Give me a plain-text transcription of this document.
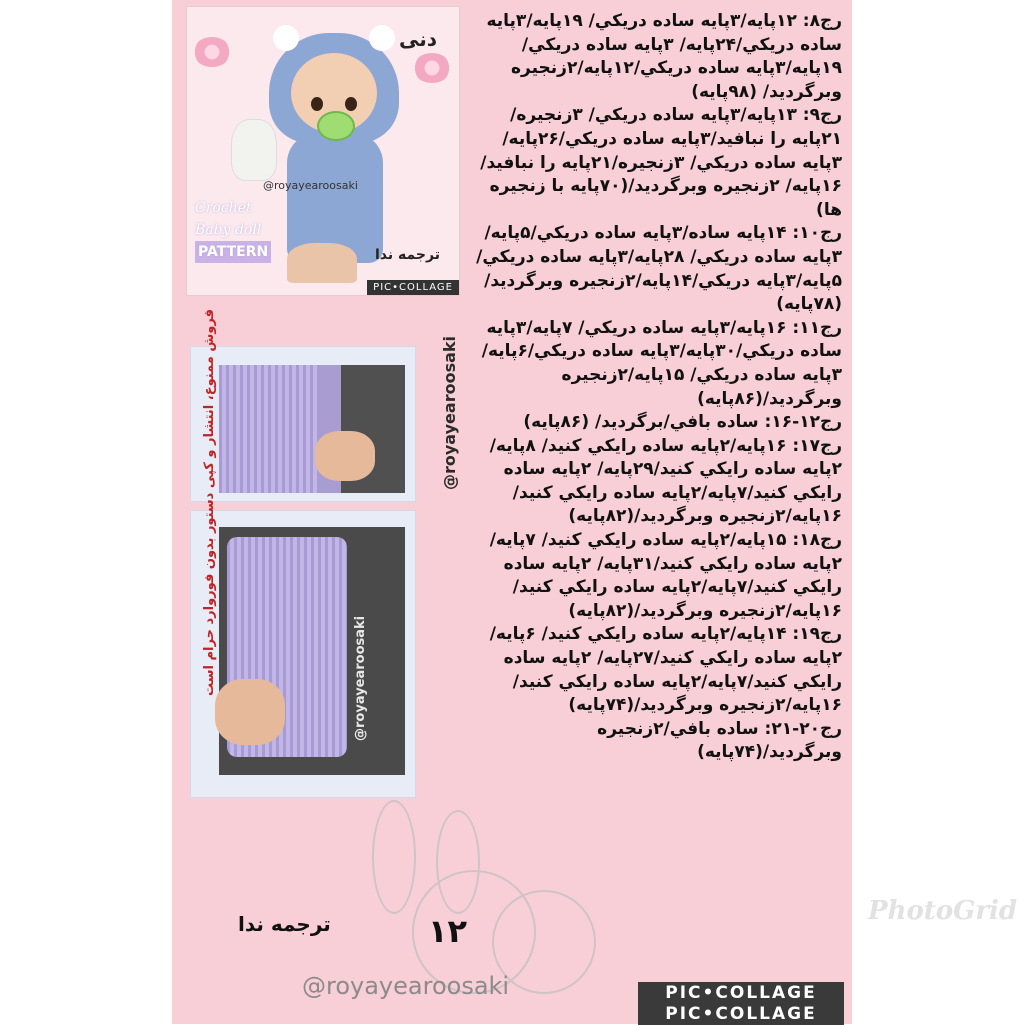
دنی
@royayearoosaki
Crochet
Baby doll
PATTERN	ترجمه ندا
PIC•COLLAGE
@royayearoosaki
@royayearoosaki
فروش ممنوع، انتشار و کپی دستور بدون فوروارد حرام است

رج۸: ۱۲پایه/۳پایه ساده دریکي/ ۱۹پایه/۳پایه ساده دریکي/۲۴پایه/ ۳پایه ساده دریکي/۱۹پایه/۳پایه ساده دریکي/۱۲پایه/۲زنجیره وبرگردید/ (۹۸پایه)

رج۹: ۱۳پایه/۳پایه ساده دریکي/ ۳زنجیره/۲۱پایه را نبافید/۳پایه ساده دریکي/۲۶پایه/۳پایه ساده دریکي/ ۳زنجیره/۲۱پایه را نبافید/۱۶پایه/ ۲زنجیره وبرگردید/(۷۰پایه با زنجیره ها)

رج۱۰: ۱۴پایه ساده/۳پایه ساده دریکي/۵پایه/۳پایه ساده دریکي/ ۲۸پایه/۳پایه ساده دریکي/۵پایه/۳پایه دریکي/۱۴پایه/۲زنجیره وبرگردید/ (۷۸پایه)

رج۱۱: ۱۶پایه/۳پایه ساده دریکي/ ۷پایه/۳پایه ساده دریکي/۳۰پایه/۳پایه ساده دریکي/۶پایه/۳پایه ساده دریکي/ ۱۵پایه/۲زنجیره وبرگردید/(۸۶پایه)

رج۱۲-۱۶: ساده بافي/برگردید/ (۸۶پایه)

رج۱۷: ۱۶پایه/۲پایه ساده رایکي کنید/ ۸پایه/۲پایه ساده رایکي کنید/۲۹پایه/ ۲پایه ساده رایکي کنید/۷پایه/۲پایه ساده رایکي کنید/۱۶پایه/۲زنجیره وبرگردید/(۸۲پایه)

رج۱۸: ۱۵پایه/۲پایه ساده رایکي کنید/ ۷پایه/۲پایه ساده رایکي کنید/۳۱پایه/ ۲پایه ساده رایکي کنید/۷پایه/۲پایه ساده رایکي کنید/۱۶پایه/۲زنجیره وبرگردید/(۸۲پایه)

رج۱۹: ۱۴پایه/۲پایه ساده رایکي کنید/ ۶پایه/۲پایه ساده رایکي کنید/۲۷پایه/ ۲پایه ساده رایکي کنید/۷پایه/۲پایه ساده رایکي کنید/۱۶پایه/۲زنجیره وبرگردید/(۷۴پایه)

رج۲۰-۲۱: ساده بافي/۲زنجیره وبرگردید/(۷۴پایه)

۱۲
ترجمه ندا
@royayearoosaki	PIC•COLLAGE
PIC•COLLAGE
PhotoGrid
